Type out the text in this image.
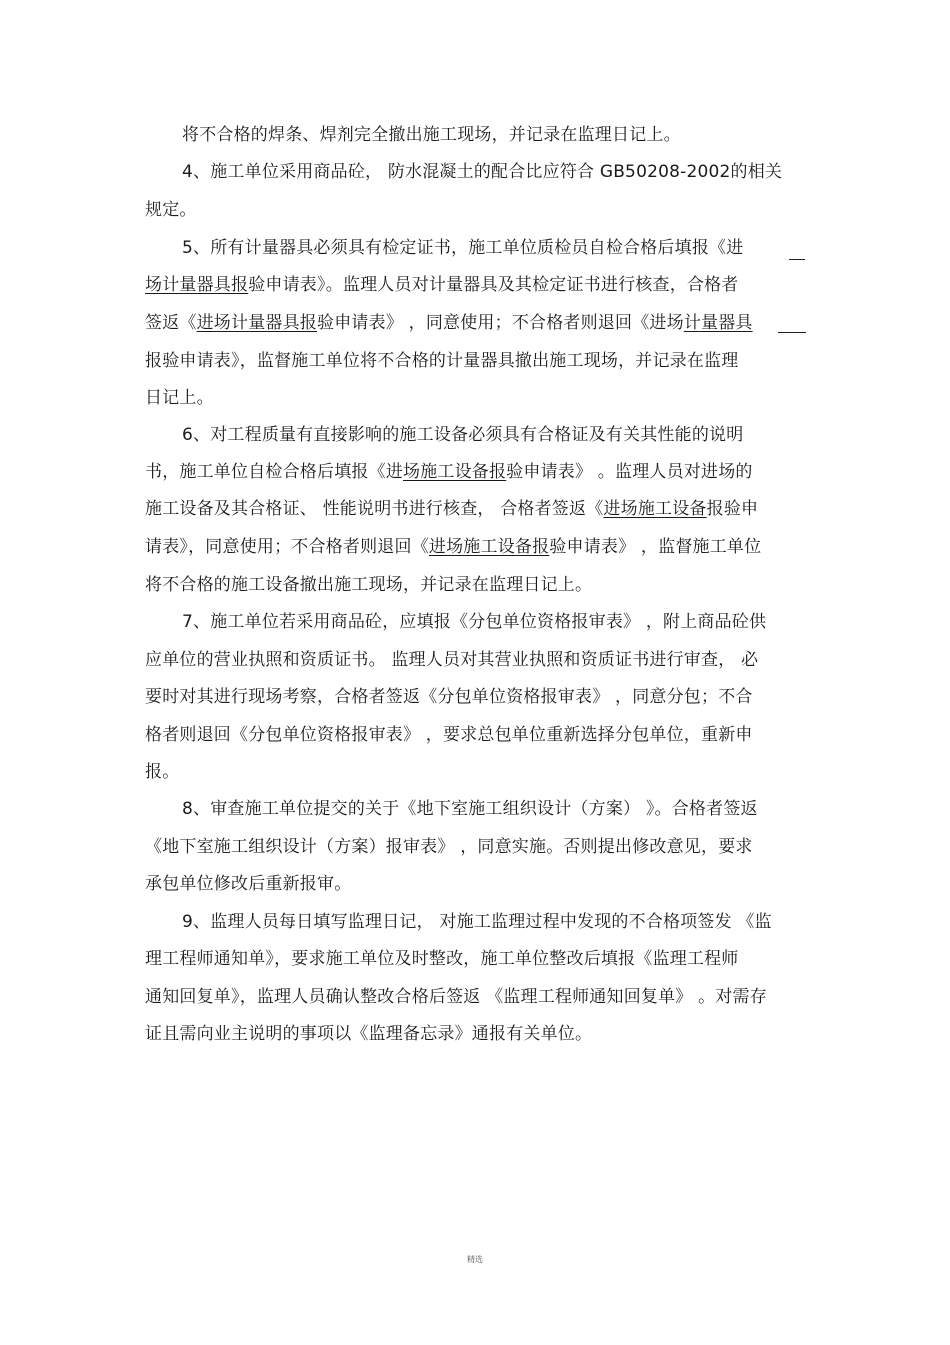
将不合格的焊条、焊剂完全撤出施工现场，并记录在监理日记上。
4、施工单位采用商品砼， 防水混凝土的配合比应符合 GB50208-2002的相关
规定。
5、所有计量器具必须具有检定证书，施工单位质检员自检合格后填报《进
场计量器具报验申请表》。监理人员对计量器具及其检定证书进行核查，合格者
签返《进场计量器具报验申请表》 ，同意使用；不合格者则退回《进场计量器具
报验申请表》，监督施工单位将不合格的计量器具撤出施工现场，并记录在监理
日记上。
6、对工程质量有直接影响的施工设备必须具有合格证及有关其性能的说明
书，施工单位自检合格后填报《进场施工设备报验申请表》 。监理人员对进场的
施工设备及其合格证、 性能说明书进行核查， 合格者签返《进场施工设备报验申
请表》，同意使用；不合格者则退回《进场施工设备报验申请表》 ，监督施工单位
将不合格的施工设备撤出施工现场，并记录在监理日记上。
7、施工单位若采用商品砼，应填报《分包单位资格报审表》 ，附上商品砼供
应单位的营业执照和资质证书。 监理人员对其营业执照和资质证书进行审查， 必
要时对其进行现场考察，合格者签返《分包单位资格报审表》 ，同意分包；不合
格者则退回《分包单位资格报审表》 ，要求总包单位重新选择分包单位，重新申
报。
8、审查施工单位提交的关于《地下室施工组织设计（方案） 》。合格者签返
《地下室施工组织设计（方案）报审表》 ，同意实施。否则提出修改意见，要求
承包单位修改后重新报审。
9、监理人员每日填写监理日记， 对施工监理过程中发现的不合格项签发 《监
理工程师通知单》，要求施工单位及时整改，施工单位整改后填报《监理工程师
通知回复单》，监理人员确认整改合格后签返 《监理工程师通知回复单》 。对需存
证且需向业主说明的事项以《监理备忘录》通报有关单位。
精选
